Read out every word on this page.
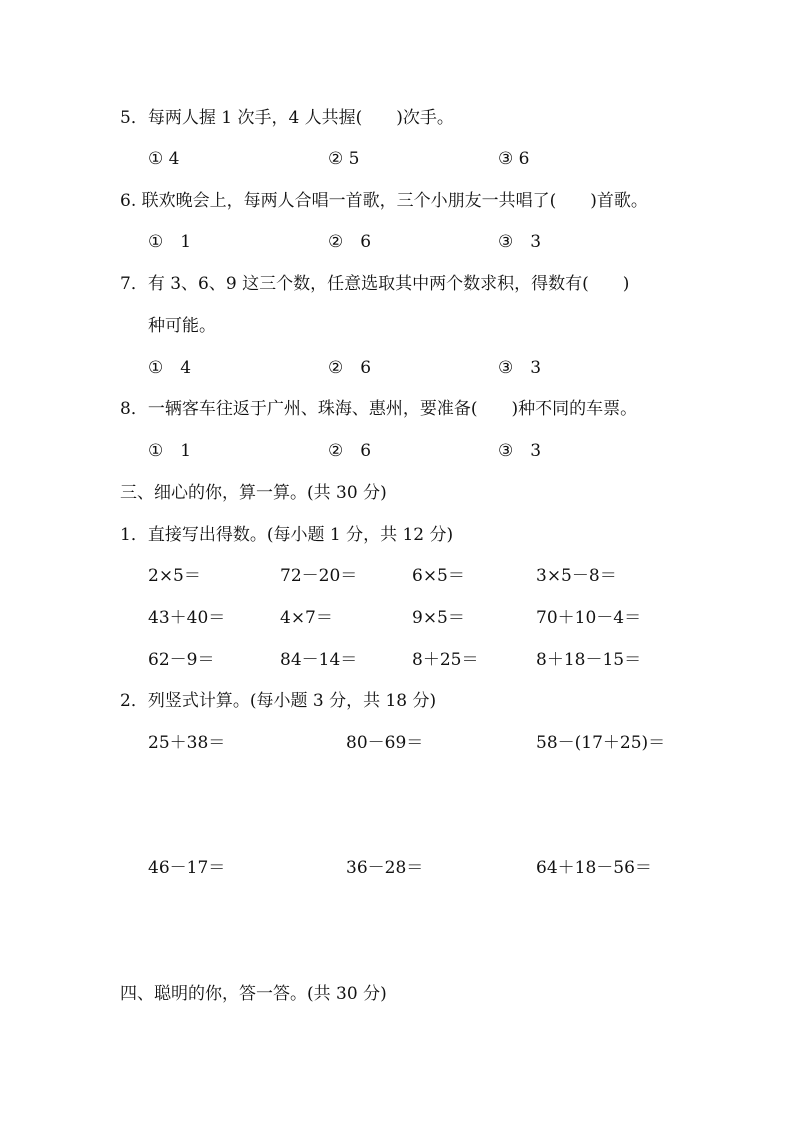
5．每两人握 1 次手，4 人共握(　　)次手。
① 4	② 5	③ 6
6. 联欢晚会上，每两人合唱一首歌，三个小朋友一共唱了(　　)首歌。
①　1	②　6	③　3
7．有 3、6、9 这三个数，任意选取其中两个数求积，得数有(　　)
种可能。
①　4	②　6	③　3
8．一辆客车往返于广州、珠海、惠州，要准备(　　)种不同的车票。
①　1	②　6	③　3
三、细心的你，算一算。(共 30 分)
1．直接写出得数。(每小题 1 分，共 12 分)
2×5＝	72－20＝	6×5＝	3×5－8＝
43＋40＝	4×7＝	9×5＝	70＋10－4＝
62－9＝	84－14＝	8＋25＝	8＋18－15＝
2．列竖式计算。(每小题 3 分，共 18 分)
25＋38＝	80－69＝	58－(17＋25)＝
46－17＝	36－28＝	64＋18－56＝
四、聪明的你，答一答。(共 30 分)
